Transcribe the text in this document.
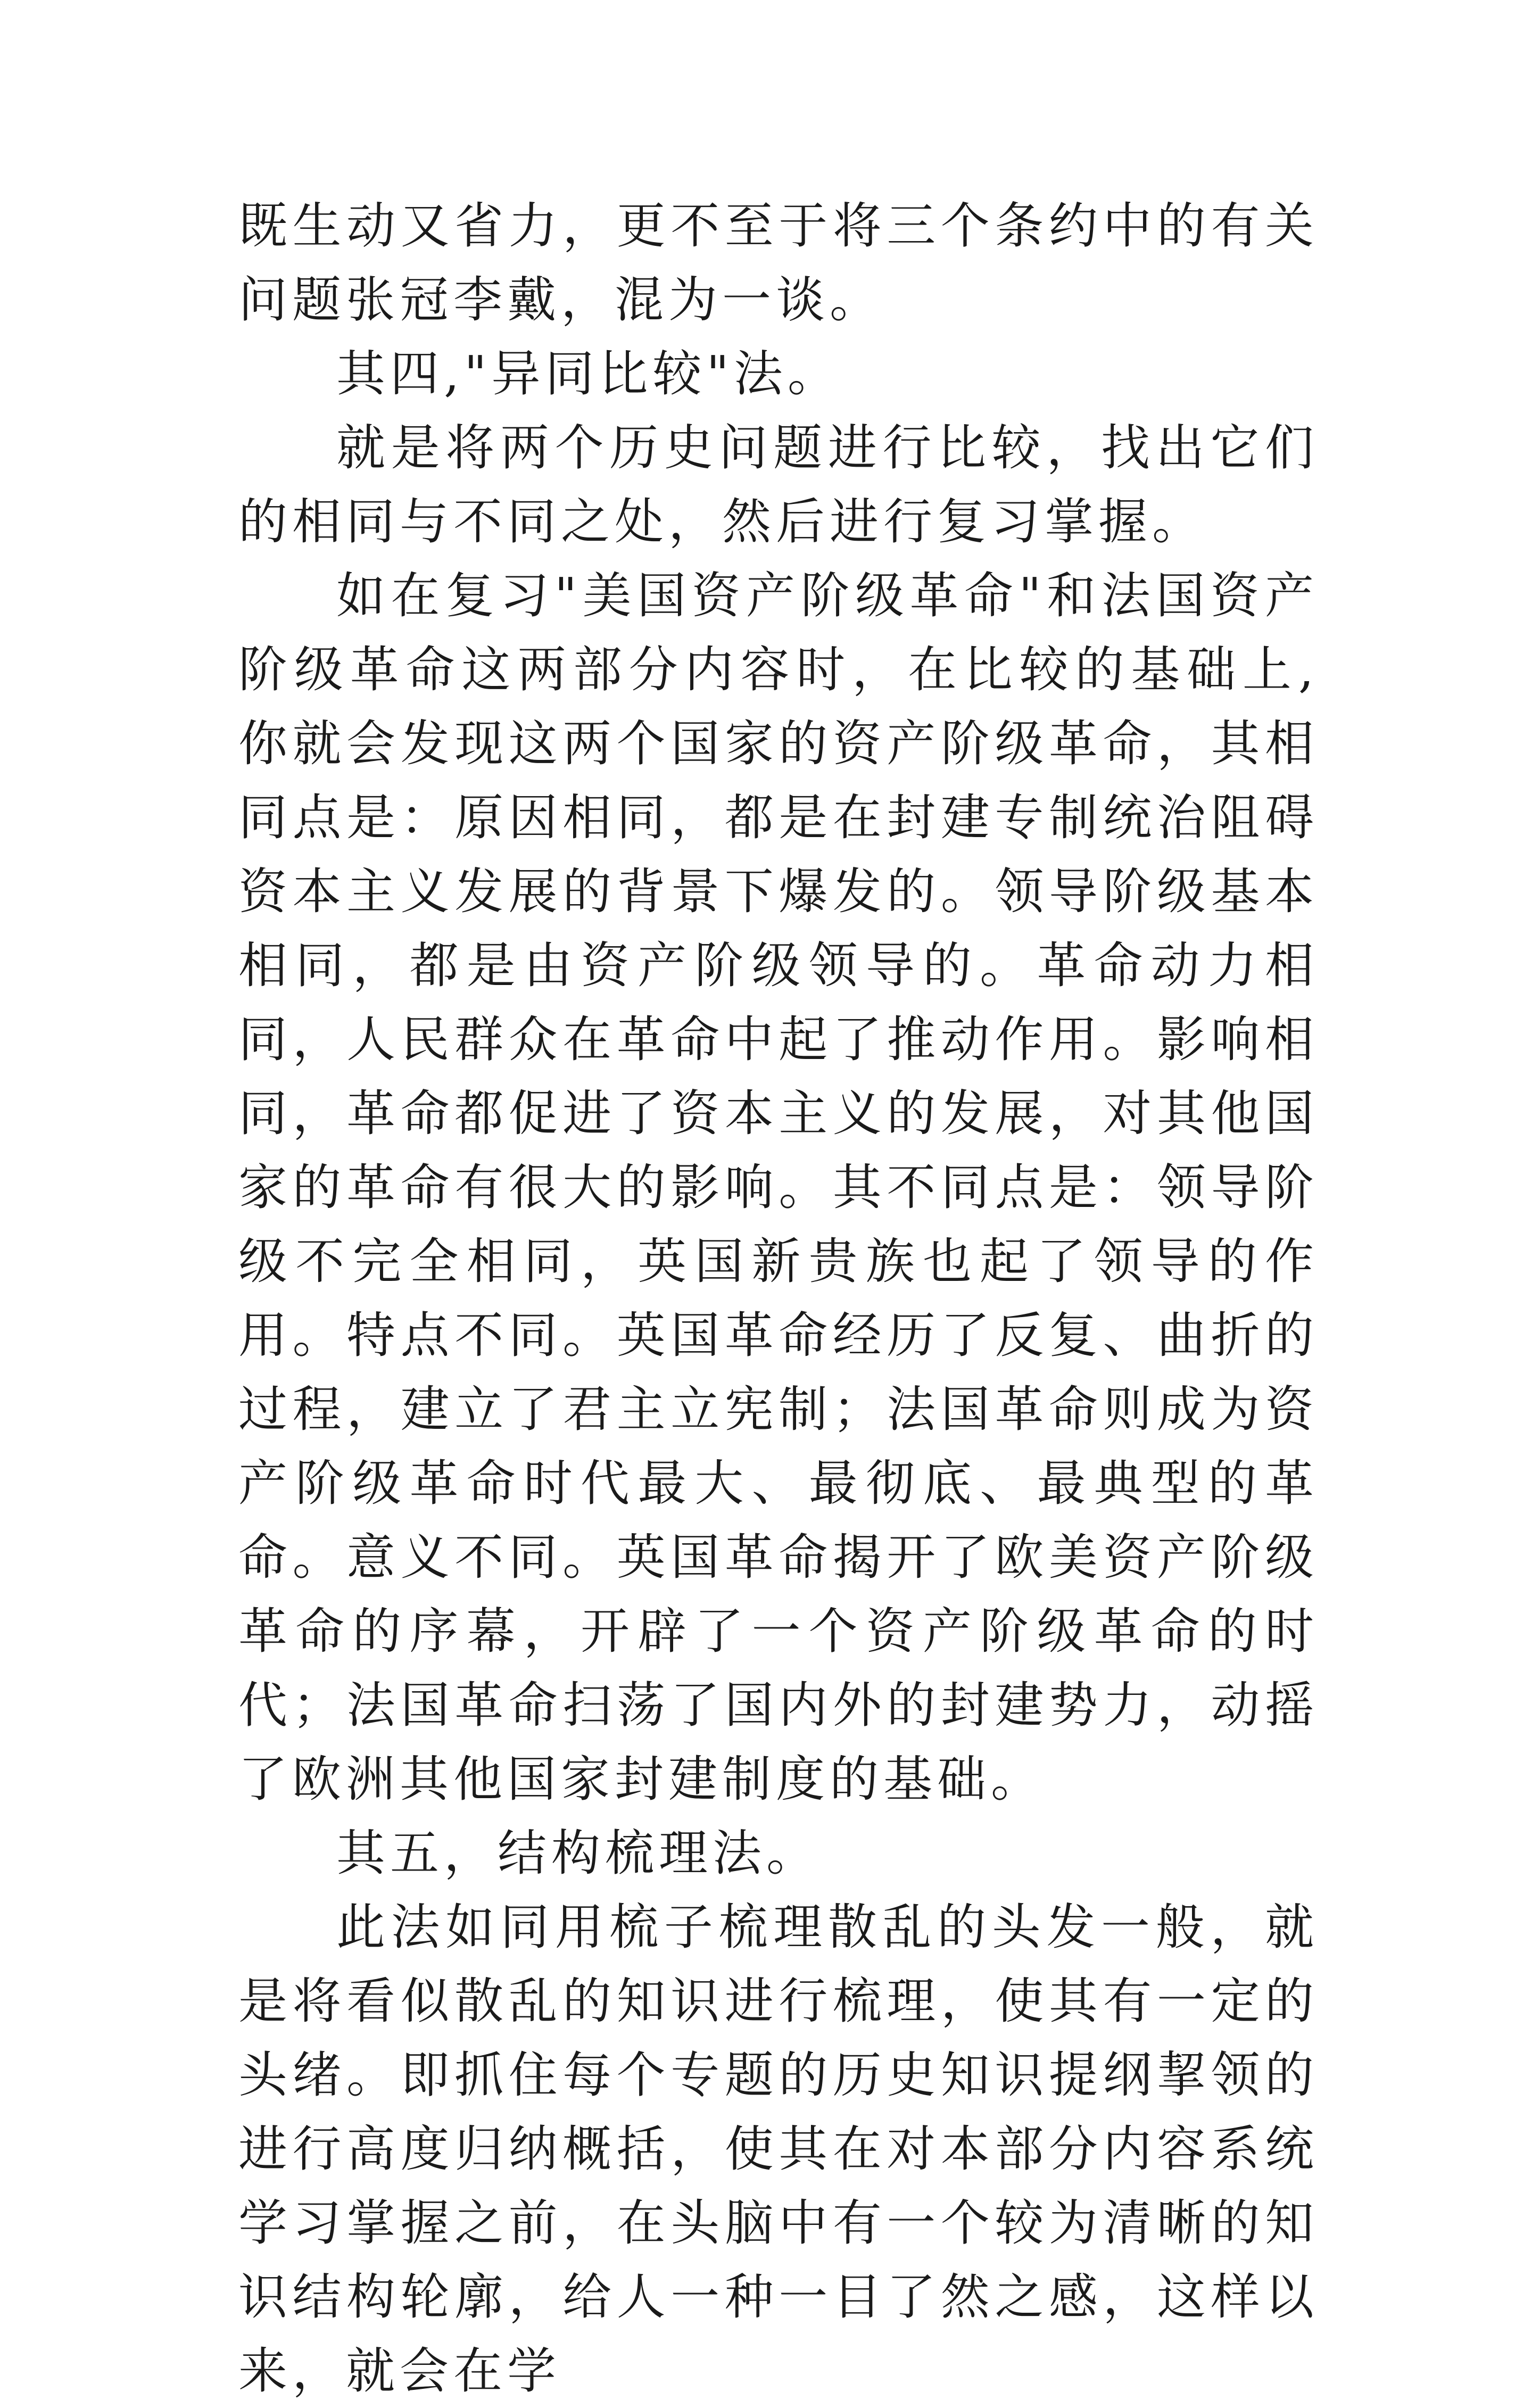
既生动又省力，更不至于将三个条约中的有关问题张冠李戴，混为一谈。

其四,"异同比较"法。

就是将两个历史问题进行比较，找出它们的相同与不同之处，然后进行复习掌握。

如在复习"美国资产阶级革命"和法国资产阶级革命这两部分内容时，在比较的基础上,你就会发现这两个国家的资产阶级革命，其相同点是：原因相同，都是在封建专制统治阻碍资本主义发展的背景下爆发的。领导阶级基本相同，都是由资产阶级领导的。革命动力相同，人民群众在革命中起了推动作用。影响相同，革命都促进了资本主义的发展，对其他国家的革命有很大的影响。其不同点是：领导阶级不完全相同，英国新贵族也起了领导的作用。特点不同。英国革命经历了反复、曲折的过程，建立了君主立宪制；法国革命则成为资产阶级革命时代最大、最彻底、最典型的革命。意义不同。英国革命揭开了欧美资产阶级革命的序幕，开辟了一个资产阶级革命的时代；法国革命扫荡了国内外的封建势力，动摇了欧洲其他国家封建制度的基础。

其五，结构梳理法。

此法如同用梳子梳理散乱的头发一般，就是将看似散乱的知识进行梳理，使其有一定的头绪。即抓住每个专题的历史知识提纲挈领的进行高度归纳概括，使其在对本部分内容系统学习掌握之前，在头脑中有一个较为清晰的知识结构轮廓，给人一种一目了然之感，这样以来，就会在学
